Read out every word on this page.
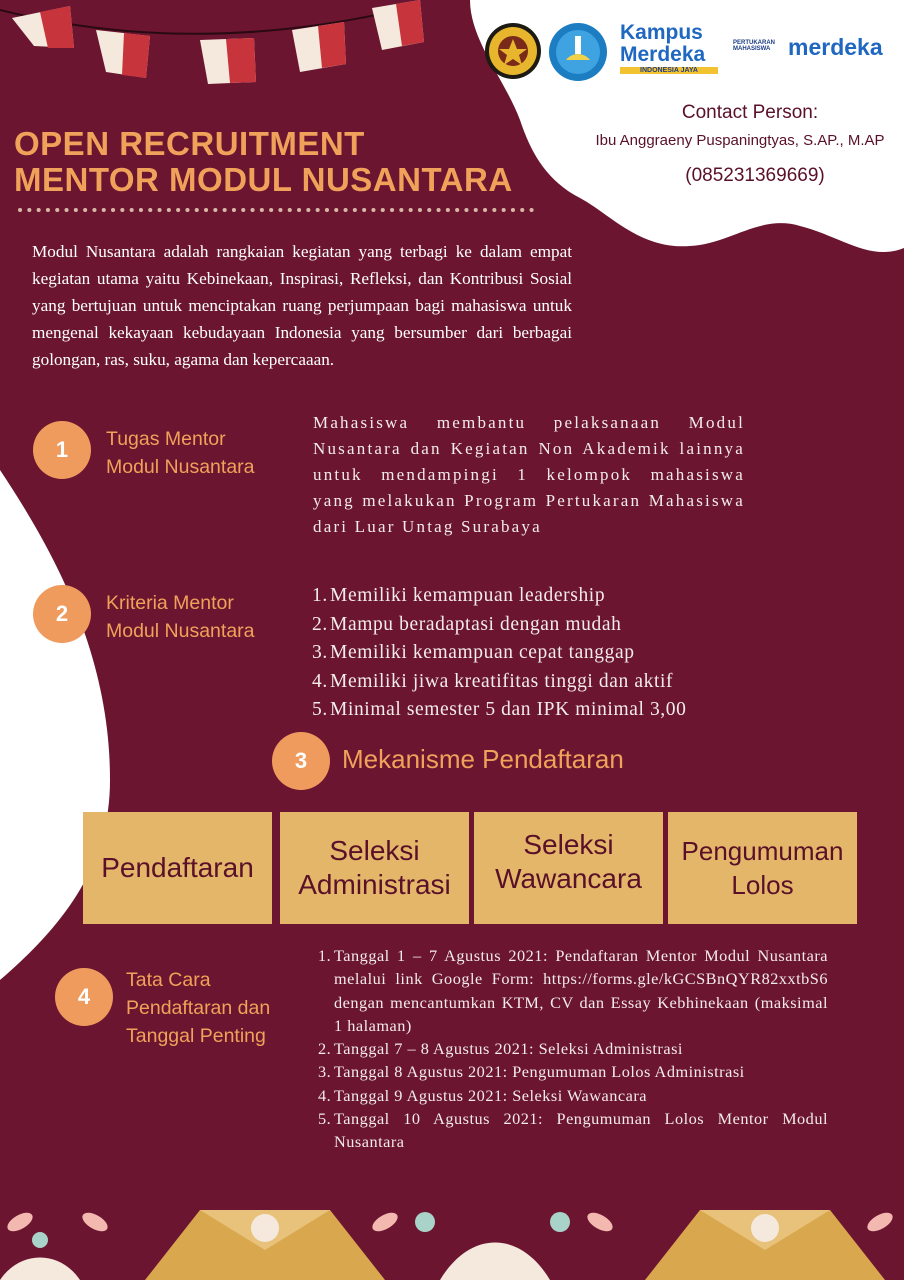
Kampus
Merdeka
INDONESIA JAYA
PERTUKARAN
MAHASISWA merdeka
Contact Person:
Ibu Anggraeny Puspaningtyas, S.AP., M.AP
(085231369669)
OPEN RECRUITMENT
MENTOR MODUL NUSANTARA
Modul Nusantara adalah rangkaian kegiatan yang terbagi ke dalam empat kegiatan utama yaitu Kebinekaan, Inspirasi, Refleksi, dan Kontribusi Sosial yang bertujuan untuk menciptakan ruang perjumpaan bagi mahasiswa untuk mengenal kekayaan kebudayaan Indonesia yang bersumber dari berbagai golongan, ras, suku, agama dan kepercaaan.
1	Tugas Mentor
Modul Nusantara
Mahasiswa membantu pelaksanaan Modul Nusantara dan Kegiatan Non Akademik lainnya untuk mendampingi 1 kelompok mahasiswa yang melakukan Program Pertukaran Mahasiswa dari Luar Untag Surabaya
2	Kriteria Mentor
Modul Nusantara
1. Memiliki kemampuan leadership
2. Mampu beradaptasi dengan mudah
3. Memiliki kemampuan cepat tanggap
4. Memiliki jiwa kreatifitas tinggi dan aktif
5. Minimal semester 5 dan IPK minimal 3,00
3	Mekanisme Pendaftaran
Pendaftaran
Seleksi
Administrasi
Seleksi
Wawancara
Pengumuman
Lolos
4
Tata Cara
Pendaftaran dan
Tanggal Penting
1. Tanggal 1 – 7 Agustus 2021: Pendaftaran Mentor Modul Nusantara melalui link Google Form: https://forms.gle/kGCSBnQYR82xxtbS6 dengan mencantumkan KTM, CV dan Essay Kebhinekaan (maksimal 1 halaman)
2. Tanggal 7 – 8 Agustus 2021: Seleksi Administrasi
3. Tanggal 8 Agustus 2021: Pengumuman Lolos Administrasi
4. Tanggal 9 Agustus 2021: Seleksi Wawancara
5. Tanggal 10 Agustus 2021: Pengumuman Lolos Mentor Modul Nusantara
